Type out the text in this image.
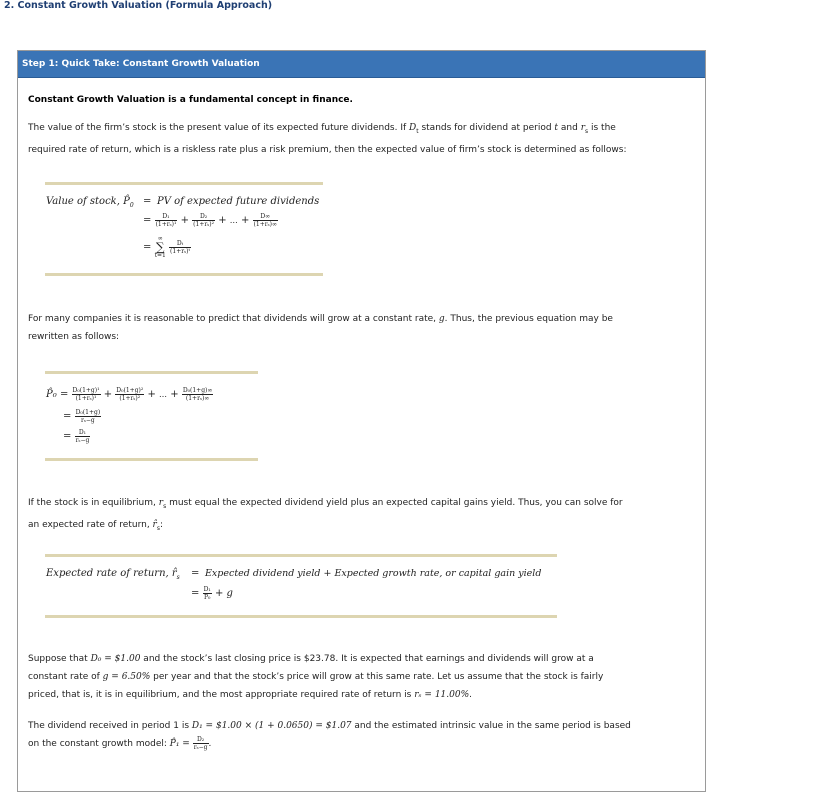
2. Constant Growth Valuation (Formula Approach)
Step 1: Quick Take: Constant Growth Valuation
Constant Growth Valuation is a fundamental concept in finance.
The value of the firm’s stock is the present value of its expected future dividends. If $D_t$ stands for dividend at period t and $r_s$ is the
required rate of return, which is a riskless rate plus a risk premium, then the expected value of firm’s stock is determined as follows:
Value of stock, $P̂_0$ = PV of expected future dividends
= $\frac{\text{D₁}}{\text{(1+rₛ)¹}} + \frac{\text{D₂}}{\text{(1+rₛ)²}}$ + … + $\frac{D\infty}{\text{(1+rₛ)∞}}$
= ∞
∑
t=1
$\frac{\text{Dₜ}}{\text{(1+rₛ)ᵗ}}$
For many companies it is reasonable to predict that dividends will grow at a constant rate, g. Thus, the previous equation may be
rewritten as follows:
P̂₀ = $\frac{\text{D₀(1+g)¹}}{\text{(1+rₛ)¹}} + \frac{\text{D₀(1+g)²}}{\text{(1+rₛ)²}}$ + … + $\frac{\text{D₀(1+g)∞}}{\text{(1+rₛ)∞}}$
= $\frac{\text{D₀(1+g)}}{\text{rₛ−g}}$
= $\frac{\text{D₁}}{\text{rₛ−g}}$
If the stock is in equilibrium, $r_s$ must equal the expected dividend yield plus an expected capital gains yield. Thus, you can solve for
an expected rate of return, $r̂_s$:
Expected rate of return, $r̂_s$ = Expected dividend yield + Expected growth rate, or capital gain yield
= $\frac{\text{D₁}}{\text{P₀}} + g$
Suppose that D₀ = $1.00 and the stock’s last closing price is $23.78. It is expected that earnings and dividends will grow at a
constant rate of g = 6.50% per year and that the stock’s price will grow at this same rate. Let us assume that the stock is fairly
priced, that is, it is in equilibrium, and the most appropriate required rate of return is rₛ = 11.00%.
The dividend received in period 1 is D₁ = $1.00 × (1 + 0.0650) = $1.07 and the estimated intrinsic value in the same period is based
on the constant growth model: P̂₁ = $\frac{\text{D₂}}{\text{rₛ−g}}$ .
